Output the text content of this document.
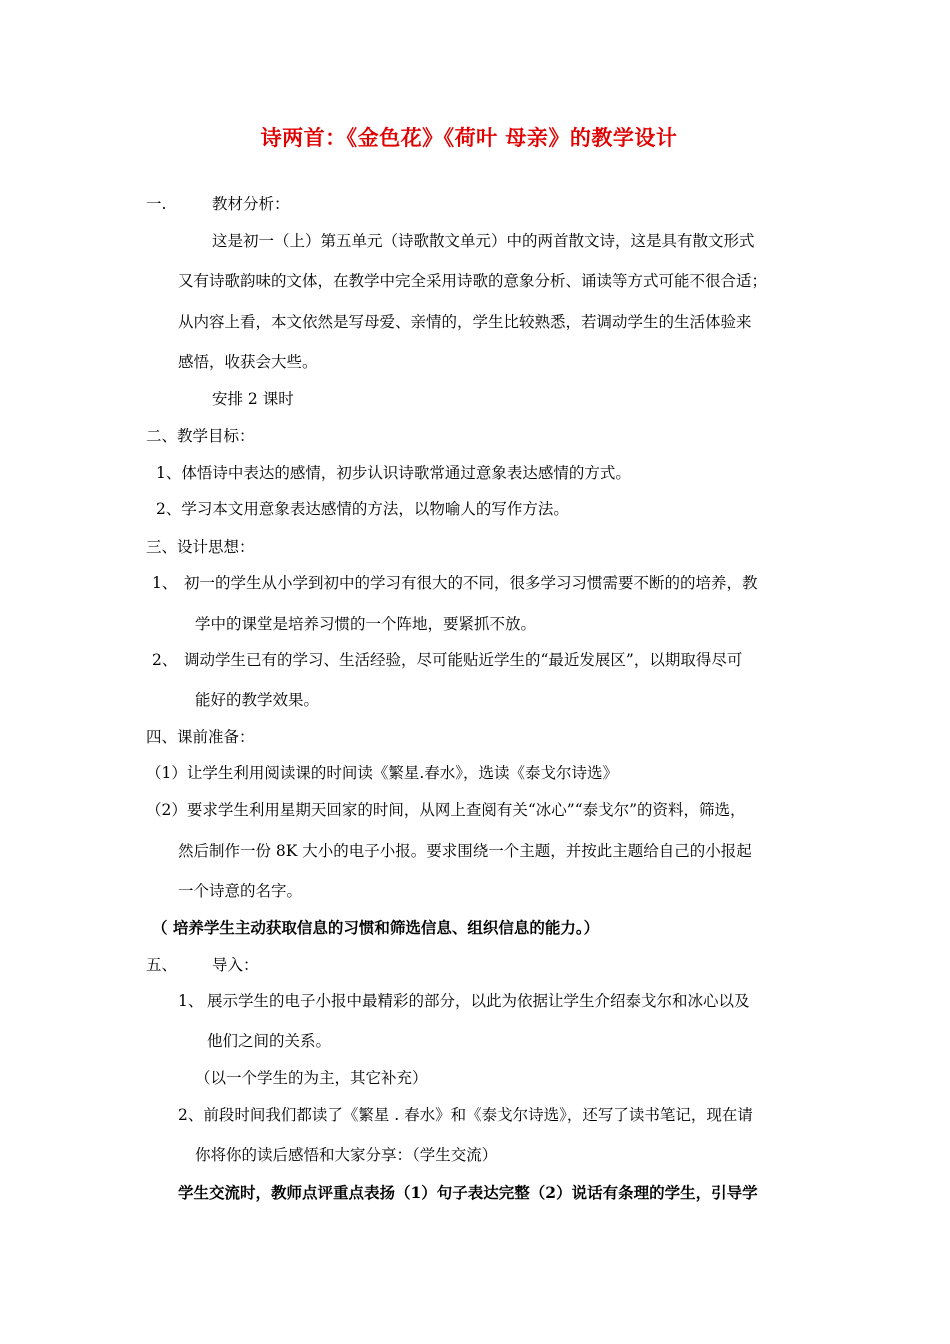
诗两首：《金色花》《荷叶 母亲》的教学设计
一.	教材分析：
这是初一（上）第五单元（诗歌散文单元）中的两首散文诗，这是具有散文形式
又有诗歌韵味的文体，在教学中完全采用诗歌的意象分析、诵读等方式可能不很合适；
从内容上看，本文依然是写母爱、亲情的，学生比较熟悉，若调动学生的生活体验来
感悟，收获会大些。
安排 2 课时
二、教学目标：
1、体悟诗中表达的感情，初步认识诗歌常通过意象表达感情的方式。
2、学习本文用意象表达感情的方法，以物喻人的写作方法。
三、设计思想：
1、 初一的学生从小学到初中的学习有很大的不同，很多学习习惯需要不断的的培养，教
学中的课堂是培养习惯的一个阵地，要紧抓不放。
2、 调动学生已有的学习、生活经验，尽可能贴近学生的“最近发展区”，以期取得尽可
能好的教学效果。
四、课前准备：
（1）让学生利用阅读课的时间读《繁星.春水》，选读《泰戈尔诗选》
（2）要求学生利用星期天回家的时间，从网上查阅有关“冰心”“泰戈尔”的资料，筛选，
然后制作一份 8K 大小的电子小报。要求围绕一个主题，并按此主题给自己的小报起
一个诗意的名字。
（ 培养学生主动获取信息的习惯和筛选信息、组织信息的能力。）
五、 导入：
1、 展示学生的电子小报中最精彩的部分，以此为依据让学生介绍泰戈尔和冰心以及
他们之间的关系。
（以一个学生的为主，其它补充）
2、前段时间我们都读了《繁星 . 春水》和《泰戈尔诗选》，还写了读书笔记，现在请
你将你的读后感悟和大家分享：（学生交流）
学生交流时，教师点评重点表扬（1）句子表达完整（2）说话有条理的学生，引导学
